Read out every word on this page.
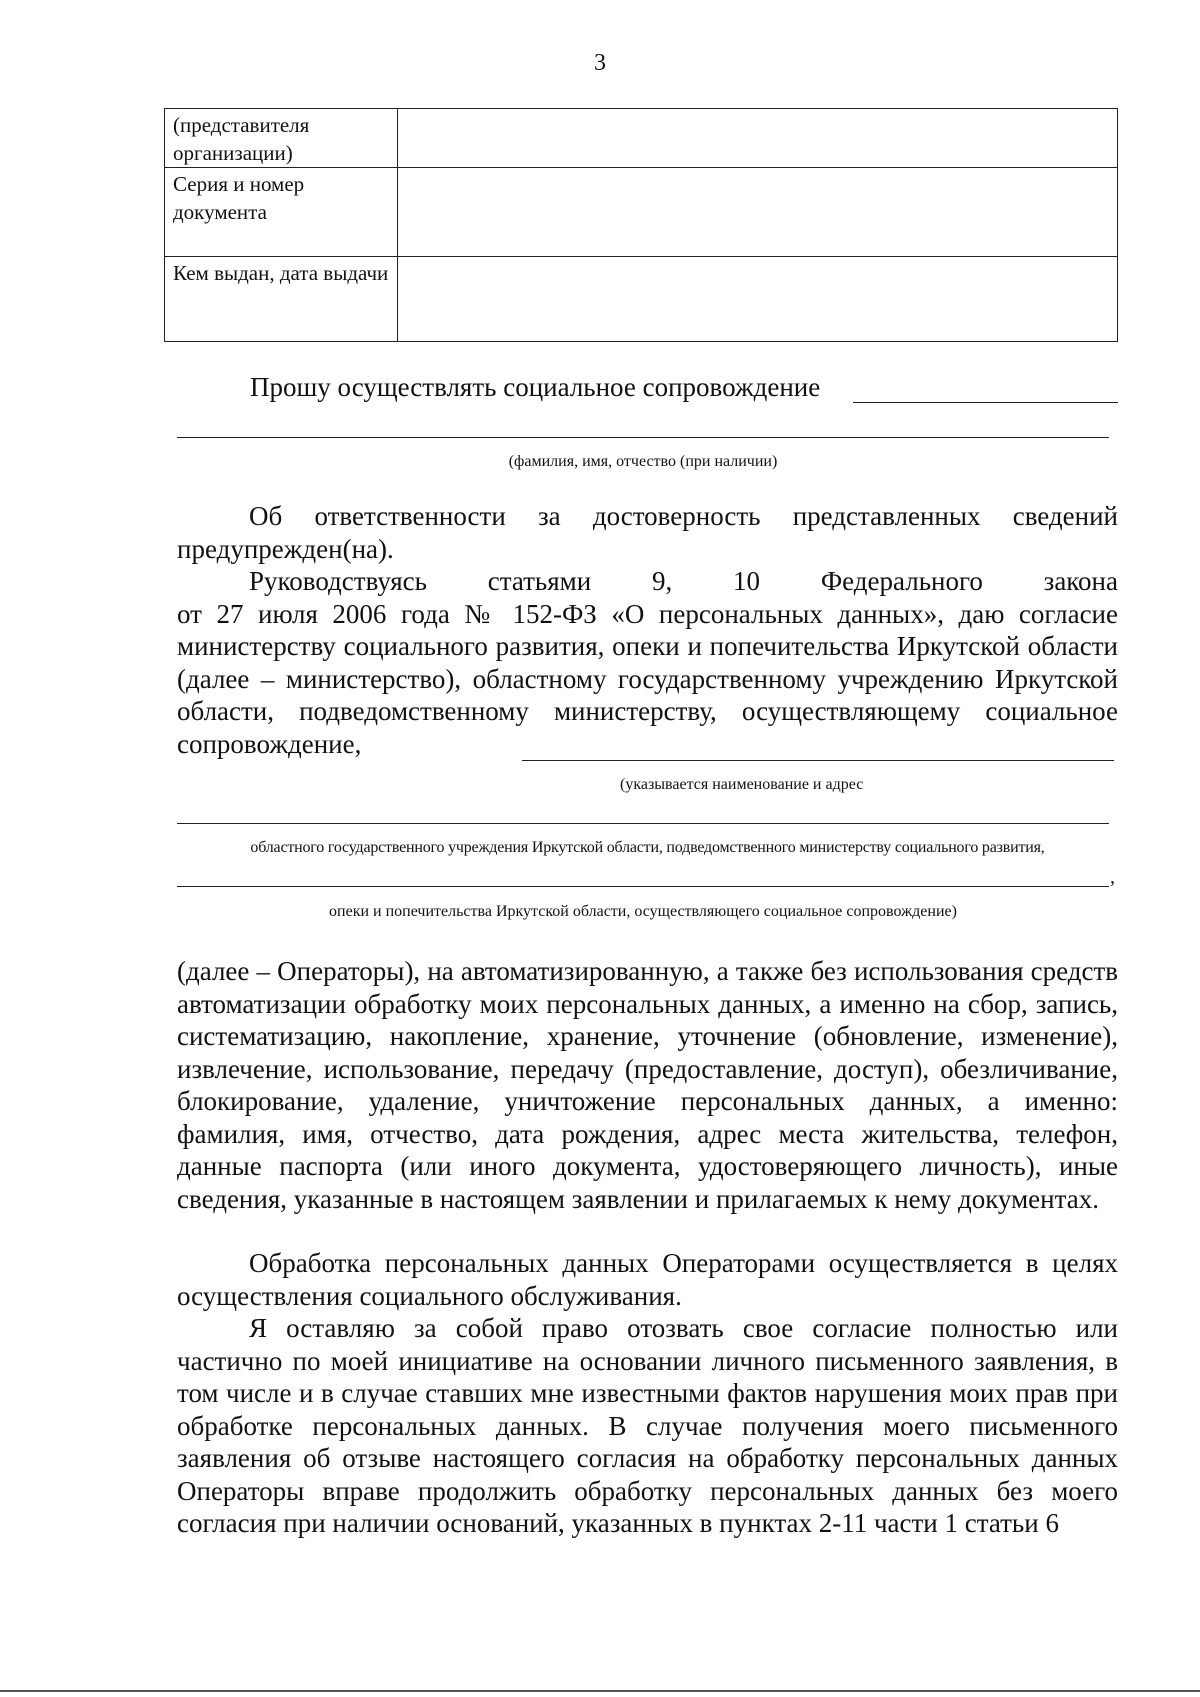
3
(представителя организации)	
Серия и номер документа	
Кем выдан, дата выдачи	
Прошу осуществлять социальное сопровождение
(фамилия, имя, отчество (при наличии)

Об ответственности за достоверность представленных сведений предупрежден(на).

Руководствуясь статьями 9, 10 Федерального закона

от 27 июля 2006 года № 152-ФЗ «О персональных данных», даю согласие министерству социального развития, опеки и попечительства Иркутской области (далее – министерство), областному государственному учреждению Иркутской области, подведомственному министерству, осуществляющему социальное сопровождение,

(указывается наименование и адрес
областного государственного учреждения Иркутской области, подведомственного министерству социального развития,
,
опеки и попечительства Иркутской области, осуществляющего социальное сопровождение)

(далее – Операторы), на автоматизированную, а также без использования средств автоматизации обработку моих персональных данных, а именно на сбор, запись, систематизацию, накопление, хранение, уточнение (обновление, изменение), извлечение, использование, передачу (предоставление, доступ), обезличивание, блокирование, удаление, уничтожение персональных данных, а именно: фамилия, имя, отчество, дата рождения, адрес места жительства, телефон, данные паспорта (или иного документа, удостоверяющего личность), иные сведения, указанные в настоящем заявлении и прилагаемых к нему документах.

Обработка персональных данных Операторами осуществляется в целях осуществления социального обслуживания.

Я оставляю за собой право отозвать свое согласие полностью или частично по моей инициативе на основании личного письменного заявления, в том числе и в случае ставших мне известными фактов нарушения моих прав при обработке персональных данных. В случае получения моего письменного заявления об отзыве настоящего согласия на обработку персональных данных Операторы вправе продолжить обработку персональных данных без моего согласия при наличии оснований, указанных в пунктах 2-11 части 1 статьи 6
